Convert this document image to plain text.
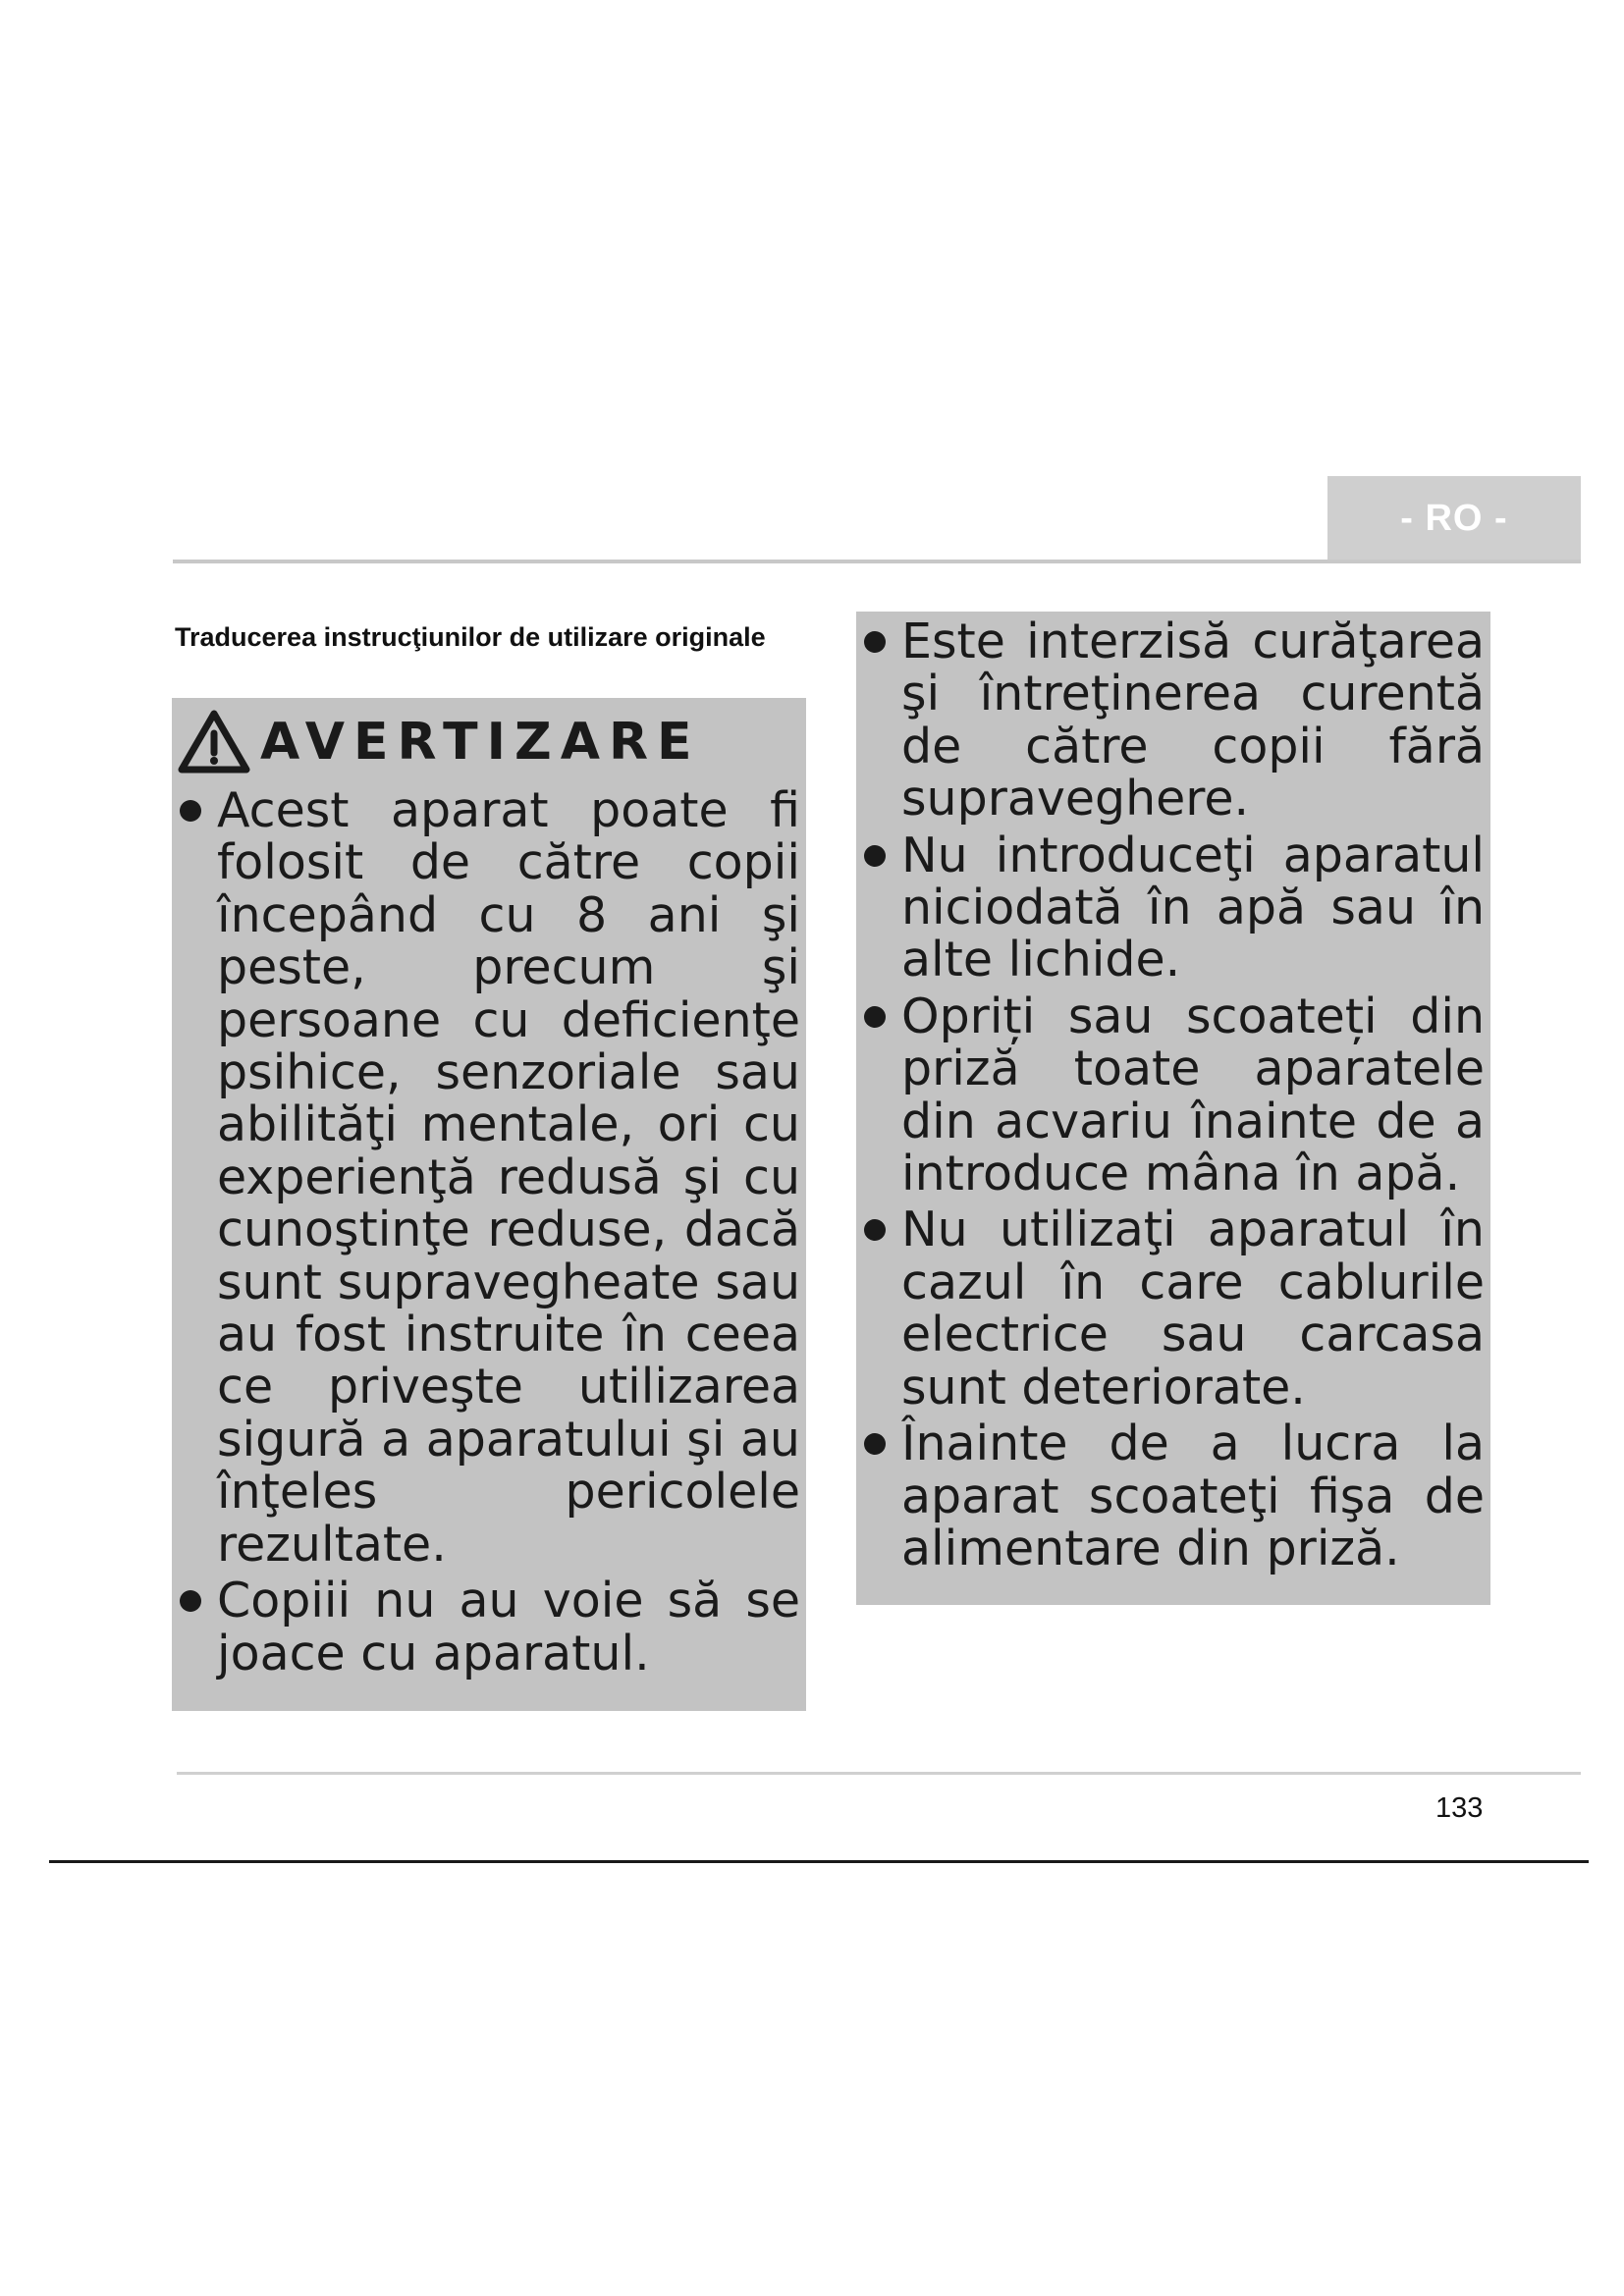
- RO -
Traducerea instrucţiunilor de utilizare originale
AVERTIZARE
Acest aparat poate fi folosit de către copii începând cu 8 ani şi peste, precum şi persoane cu deficienţe psihice, senzoriale sau abilităţi mentale, ori cu experienţă redusă şi cu cunoştinţe reduse, dacă sunt supravegheate sau au fost instruite în ceea ce priveşte utilizarea sigură a aparatului şi au înţeles pericolele rezultate.
Copiii nu au voie să se joace cu aparatul.
Este interzisă curăţarea şi întreţinerea curentă de către copii fără supraveghere.
Nu introduceţi aparatul niciodată în apă sau în alte lichide.
Opriți sau scoateți din priză toate aparatele din acvariu înainte de a introduce mâna în apă.
Nu utilizaţi aparatul în cazul în care cablurile electrice sau carcasa sunt deteriorate.
Înainte de a lucra la aparat scoateţi fişa de alimentare din priză.
133
